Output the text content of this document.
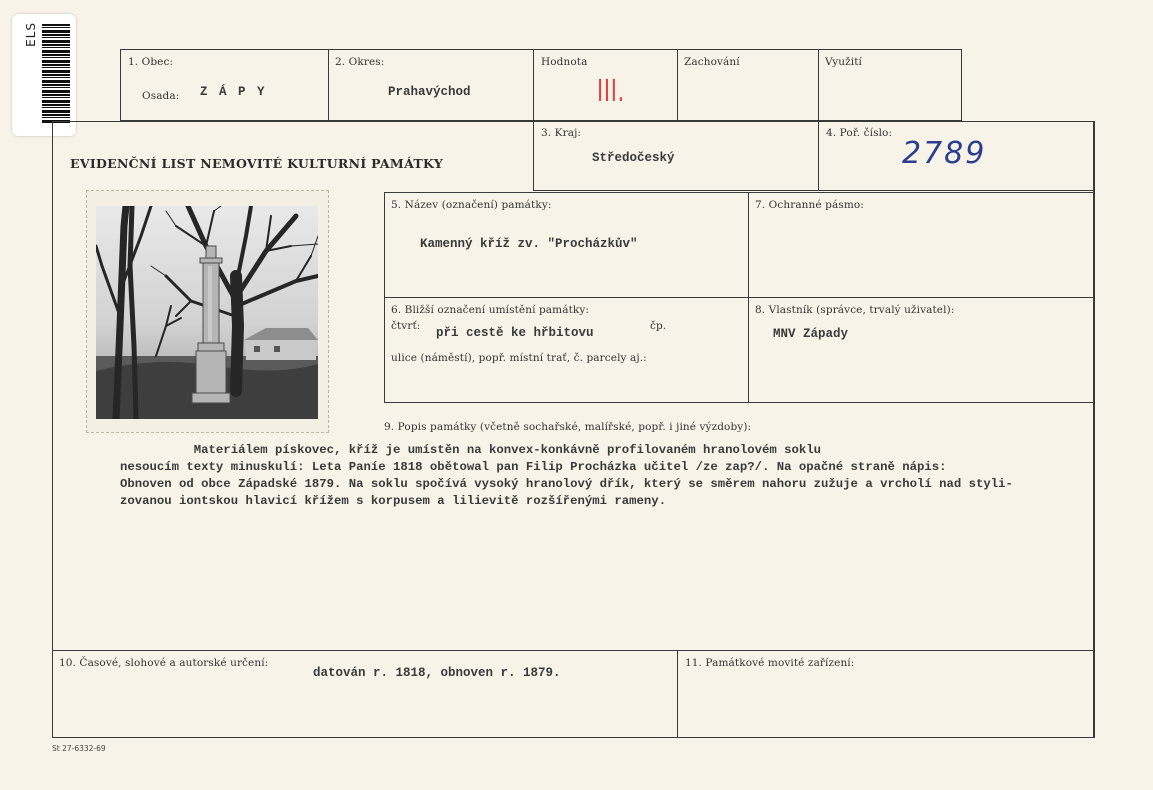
ELS
1. Obec:
Osada: Z Á P Y
2. Okres:
Prahavýchod
Hodnota
III.
Zachování	Využití
EVIDENČNÍ LIST NEMOVITÉ KULTURNÍ PAMÁTKY
3. Kraj:
Středočeský
4. Poř. číslo:
2789
5. Název (označení) památky:
Kamenný kříž zv. "Procházkův"
7. Ochranné pásmo:
6. Bližší označení umístění památky:
čtvrť: při cestě ke hřbitovu	čp.
ulice (náměstí), popř. místní trať, č. parcely aj.:
8. Vlastník (správce, trvalý uživatel):
MNV Západy
9. Popis památky (včetně sochařské, malířské, popř. i jiné výzdoby):

Materiálem pískovec, kříž je umístěn na konvex-konkávně profilovaném hranolovém soklu

nesoucím texty minuskulí: Leta Paníe 1818 obětowal pan Filip Procházka učitel /ze zap?/. Na opačné straně nápis:

Obnoven od obce Západské 1879. Na soklu spočívá vysoký hranolový dřík, který se směrem nahoru zužuje a vrcholí nad styli-

zovanou iontskou hlavicí křížem s korpusem a lilievitě rozšířenými rameny.

10. Časové, slohové a autorské určení:
datován r. 1818, obnoven r. 1879.
11. Památkové movité zařízení:
St 27-6332-69
